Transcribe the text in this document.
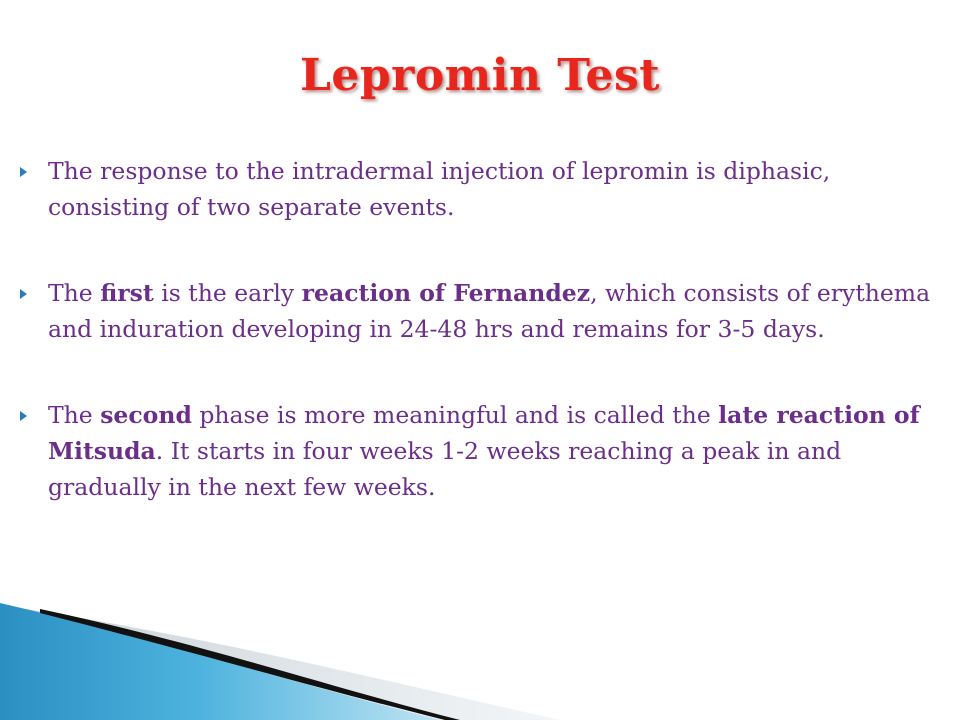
Lepromin Test
The response to the intradermal injection of lepromin is diphasic, consisting of two separate events.
The first is the early reaction of Fernandez, which consists of erythema and induration developing in 24-48 hrs and remains for 3-5 days.
The second phase is more meaningful and is called the late reaction of Mitsuda. It starts in four weeks 1-2 weeks reaching a peak in and gradually in the next few weeks.
